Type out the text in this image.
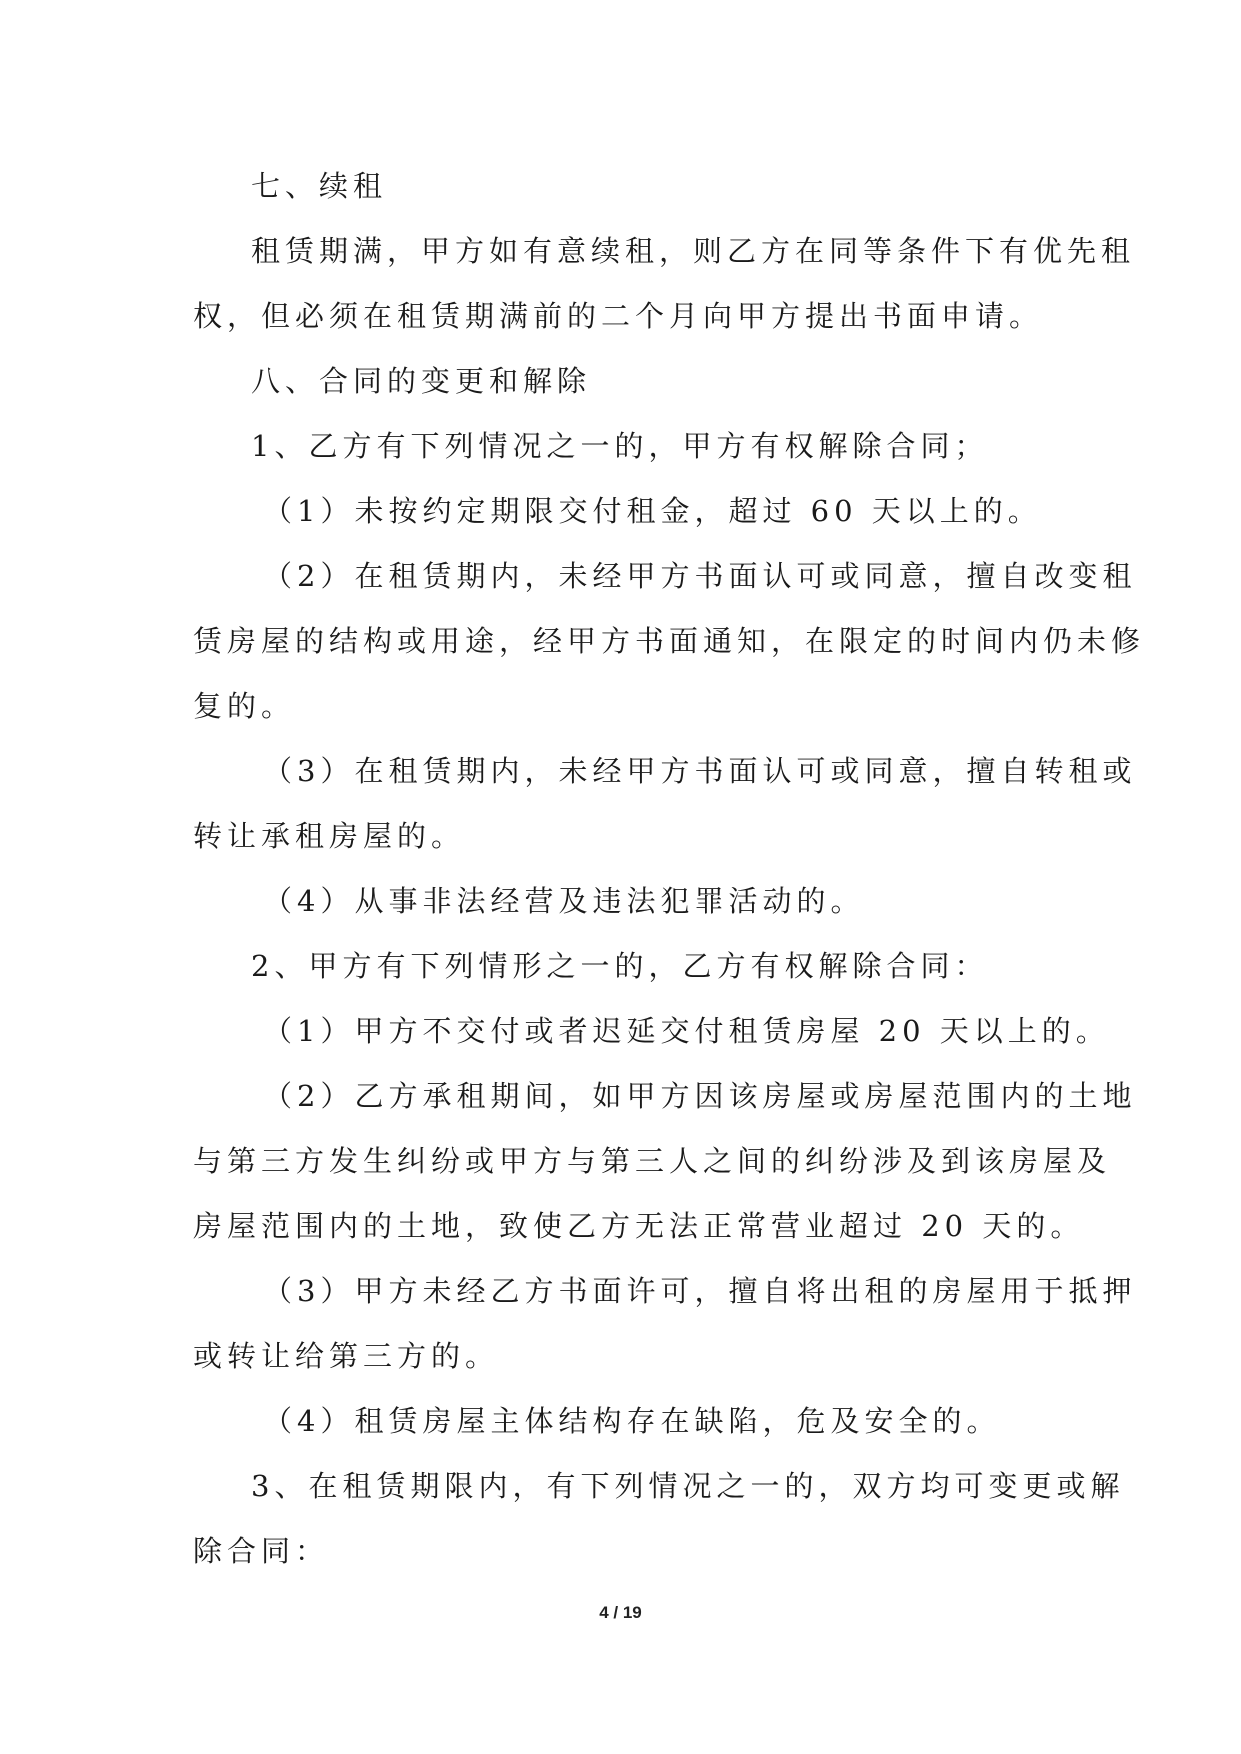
七、续租
租赁期满，甲方如有意续租，则乙方在同等条件下有优先租
权，但必须在租赁期满前的二个月向甲方提出书面申请。
八、合同的变更和解除
1、乙方有下列情况之一的，甲方有权解除合同；
（1）未按约定期限交付租金，超过 60 天以上的。
（2）在租赁期内，未经甲方书面认可或同意，擅自改变租
赁房屋的结构或用途，经甲方书面通知，在限定的时间内仍未修
复的。
（3）在租赁期内，未经甲方书面认可或同意，擅自转租或
转让承租房屋的。
（4）从事非法经营及违法犯罪活动的。
2、甲方有下列情形之一的，乙方有权解除合同：
（1）甲方不交付或者迟延交付租赁房屋 20 天以上的。
（2）乙方承租期间，如甲方因该房屋或房屋范围内的土地
与第三方发生纠纷或甲方与第三人之间的纠纷涉及到该房屋及
房屋范围内的土地，致使乙方无法正常营业超过 20 天的。
（3）甲方未经乙方书面许可，擅自将出租的房屋用于抵押
或转让给第三方的。
（4）租赁房屋主体结构存在缺陷，危及安全的。
3、在租赁期限内，有下列情况之一的，双方均可变更或解
除合同：
4 / 19
